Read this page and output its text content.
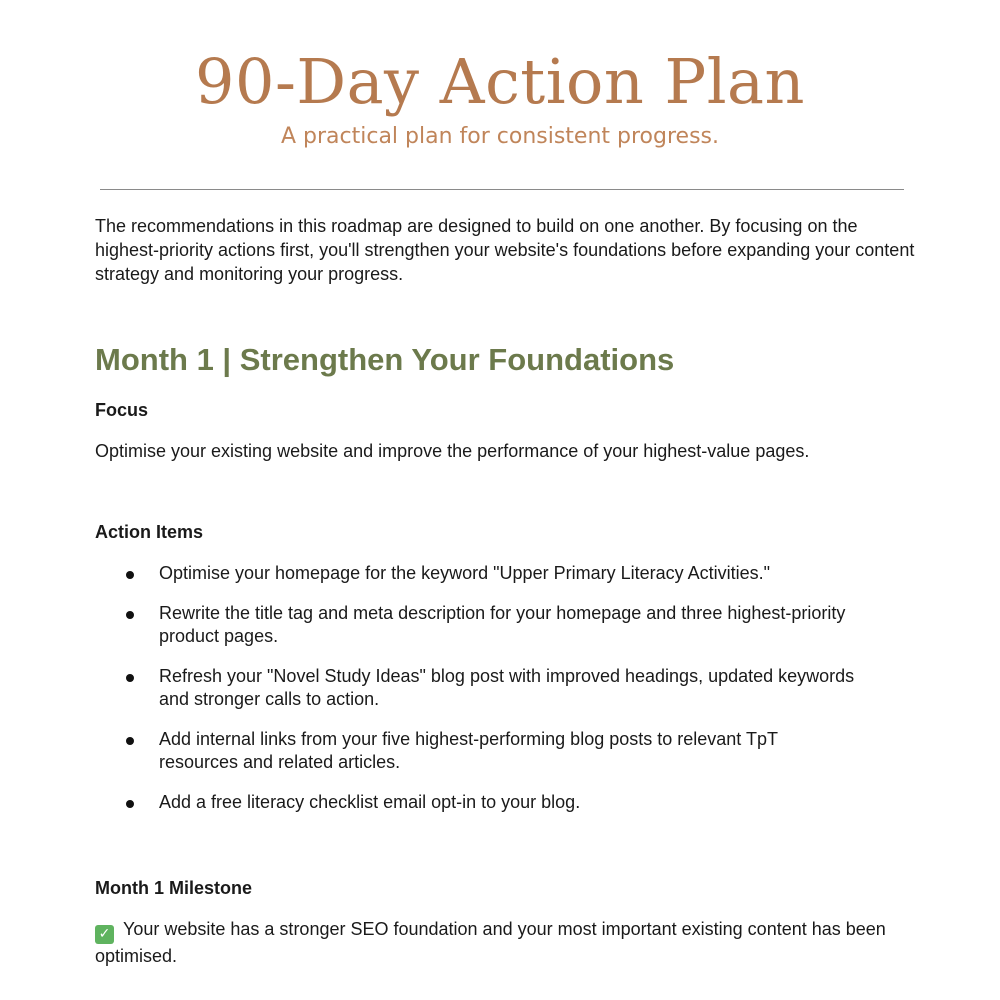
90-Day Action Plan

A practical plan for consistent progress.

The recommendations in this roadmap are designed to build on one another. By focusing on the highest-priority actions first, you'll strengthen your website's foundations before expanding your content strategy and monitoring your progress.

Month 1 | Strengthen Your Foundations

Focus

Optimise your existing website and improve the performance of your highest-value pages.

Action Items

Optimise your homepage for the keyword "Upper Primary Literacy Activities."
Rewrite the title tag and meta description for your homepage and three highest-priority product pages.
Refresh your "Novel Study Ideas" blog post with improved headings, updated keywords and stronger calls to action.
Add internal links from your five highest-performing blog posts to relevant TpT resources and related articles.
Add a free literacy checklist email opt-in to your blog.

Month 1 Milestone

✓ Your website has a stronger SEO foundation and your most important existing content has been optimised.
